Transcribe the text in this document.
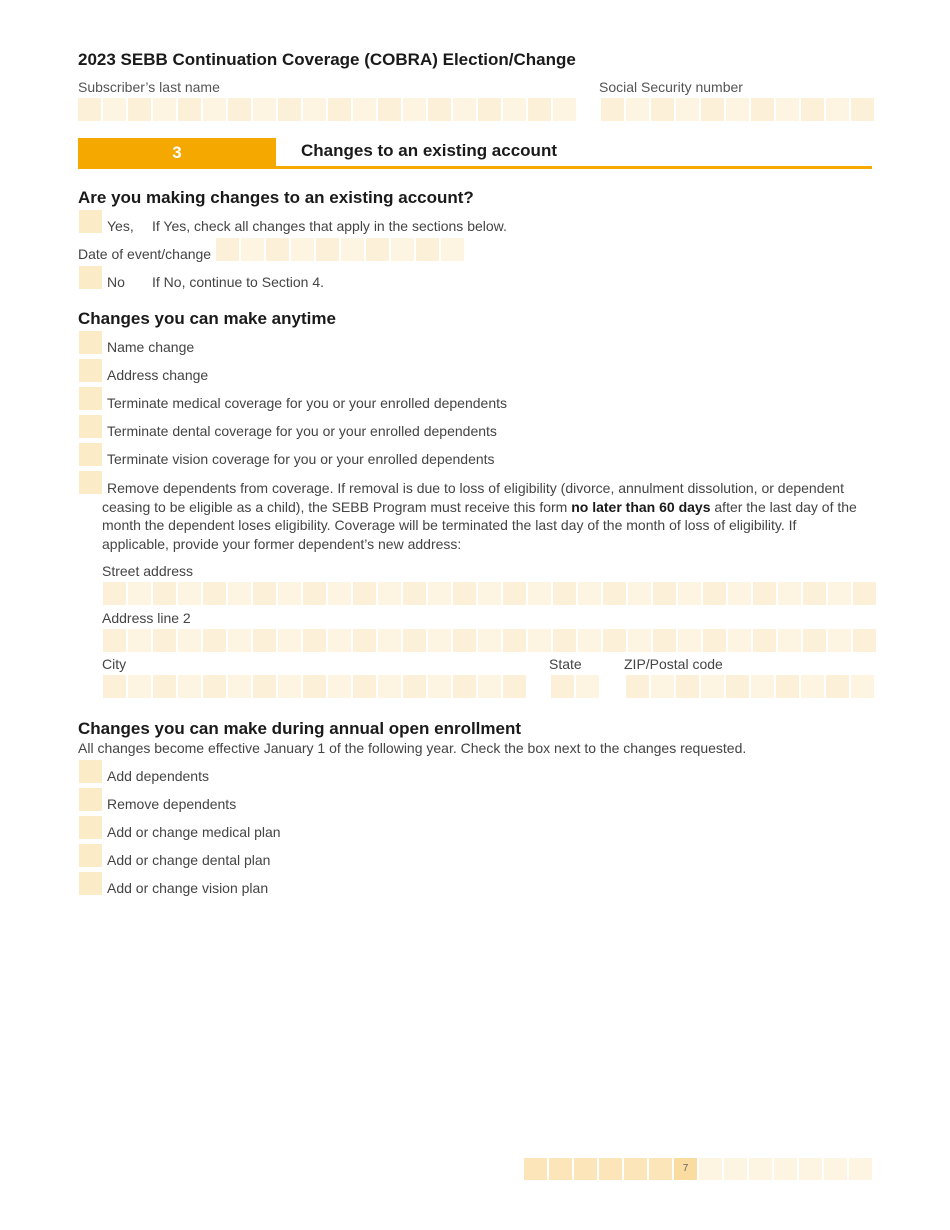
2023 SEBB Continuation Coverage (COBRA) Election/Change
Subscriber’s last name	Social Security number
3	Changes to an existing account
Are you making changes to an existing account?
Yes, If Yes, check all changes that apply in the sections below.
Date of event/change
No If No, continue to Section 4.
Changes you can make anytime
Name change
Address change
Terminate medical coverage for you or your enrolled dependents
Terminate dental coverage for you or your enrolled dependents
Terminate vision coverage for you or your enrolled dependents
Remove dependents from coverage. If removal is due to loss of eligibility (divorce, annulment dissolution, or dependent ceasing to be eligible as a child), the SEBB Program must receive this form no later than 60 days after the last day of the month the dependent loses eligibility. Coverage will be terminated the last day of the month of loss of eligibility. If applicable, provide your former dependent’s new address:
Street address
Address line 2
City	State	ZIP/Postal code
Changes you can make during annual open enrollment
All changes become effective January 1 of the following year. Check the box next to the changes requested.
Add dependents
Remove dependents
Add or change medical plan
Add or change dental plan
Add or change vision plan
7
